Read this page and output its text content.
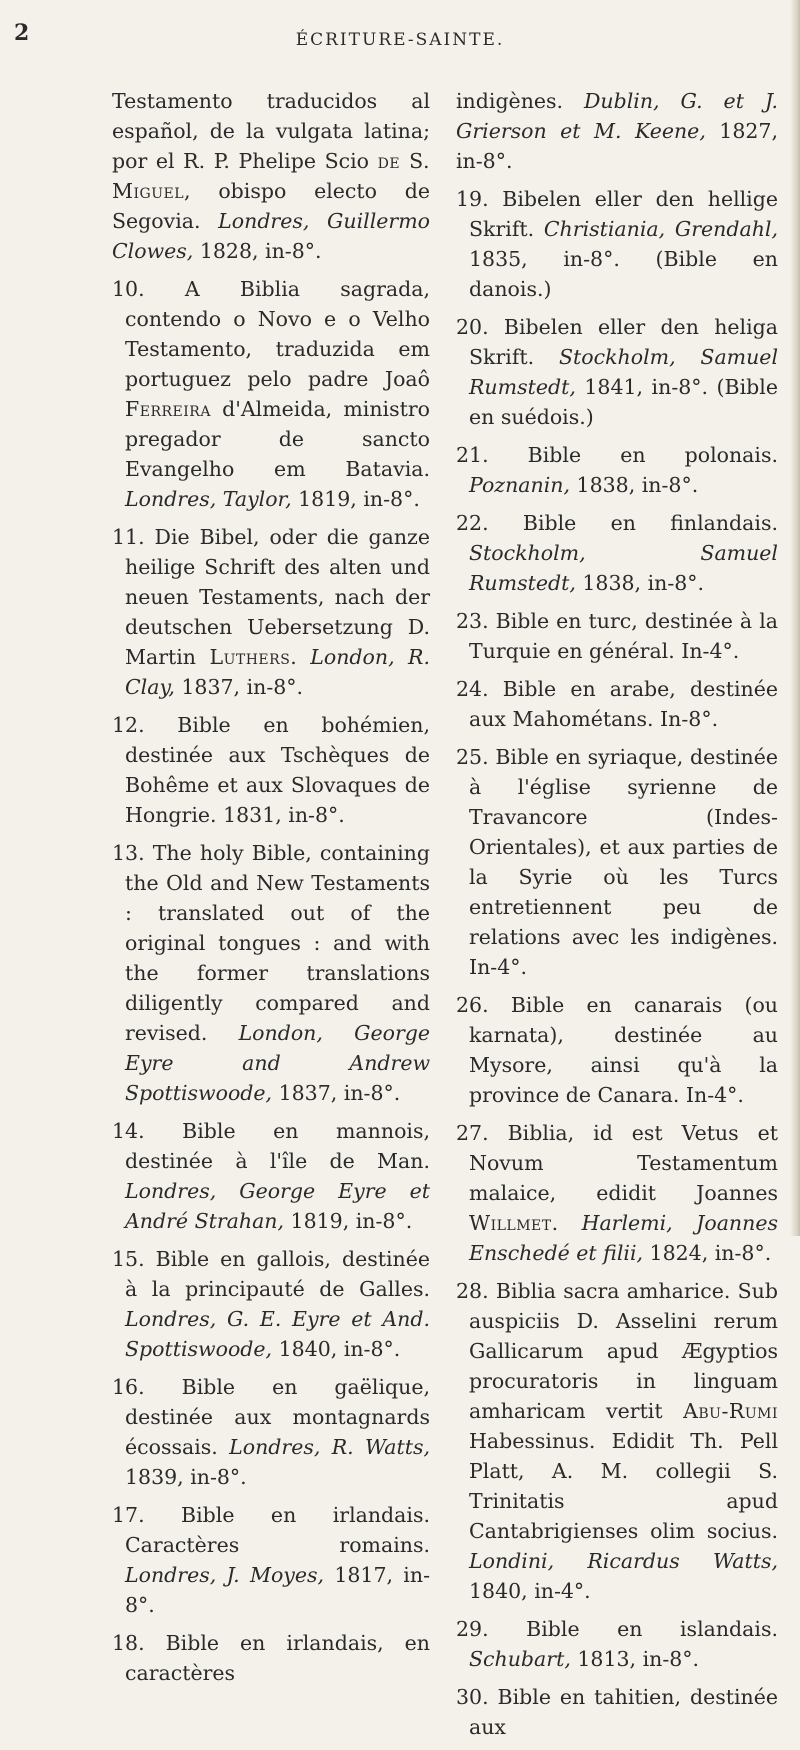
2	ÉCRITURE-SAINTE.

Testamento traducidos al español, de la vulgata latina; por el R. P. Phelipe Scio de S. Miguel, obispo electo de Segovia. Londres, Guillermo Clowes, 1828, in-8°.

10. A Biblia sagrada, contendo o Novo e o Velho Testamento, traduzida em portuguez pelo padre Joaô Ferreira d'Almeida, ministro pregador de sancto Evangelho em Batavia. Londres, Taylor, 1819, in-8°.

11. Die Bibel, oder die ganze heilige Schrift des alten und neuen Testaments, nach der deutschen Uebersetzung D. Martin Luthers. London, R. Clay, 1837, in-8°.

12. Bible en bohémien, destinée aux Tschèques de Bohême et aux Slovaques de Hongrie. 1831, in-8°.

13. The holy Bible, containing the Old and New Testaments : translated out of the original tongues : and with the former translations diligently compared and revised. London, George Eyre and Andrew Spottiswoode, 1837, in-8°.

14. Bible en mannois, destinée à l'île de Man. Londres, George Eyre et André Strahan, 1819, in-8°.

15. Bible en gallois, destinée à la principauté de Galles. Londres, G. E. Eyre et And. Spottiswoode, 1840, in-8°.

16. Bible en gaëlique, destinée aux montagnards écossais. Londres, R. Watts, 1839, in-8°.

17. Bible en irlandais. Caractères romains. Londres, J. Moyes, 1817, in-8°.

18. Bible en irlandais, en caractères

indigènes. Dublin, G. et J. Grierson et M. Keene, 1827, in-8°.

19. Bibelen eller den hellige Skrift. Christiania, Grendahl, 1835, in-8°. (Bible en danois.)

20. Bibelen eller den heliga Skrift. Stockholm, Samuel Rumstedt, 1841, in-8°. (Bible en suédois.)

21. Bible en polonais. Poznanin, 1838, in-8°.

22. Bible en finlandais. Stockholm, Samuel Rumstedt, 1838, in-8°.

23. Bible en turc, destinée à la Turquie en général. In-4°.

24. Bible en arabe, destinée aux Mahométans. In-8°.

25. Bible en syriaque, destinée à l'église syrienne de Travancore (Indes-Orientales), et aux parties de la Syrie où les Turcs entretiennent peu de relations avec les indigènes. In-4°.

26. Bible en canarais (ou karnata), destinée au Mysore, ainsi qu'à la province de Canara. In-4°.

27. Biblia, id est Vetus et Novum Testamentum malaice, edidit Joannes Willmet. Harlemi, Joannes Enschedé et filii, 1824, in-8°.

28. Biblia sacra amharice. Sub auspiciis D. Asselini rerum Gallicarum apud Ægyptios procuratoris in linguam amharicam vertit Abu-Rumi Habessinus. Edidit Th. Pell Platt, A. M. collegii S. Trinitatis apud Cantabrigienses olim socius. Londini, Ricardus Watts, 1840, in-4°.

29. Bible en islandais. Schubart, 1813, in-8°.

30. Bible en tahitien, destinée aux
